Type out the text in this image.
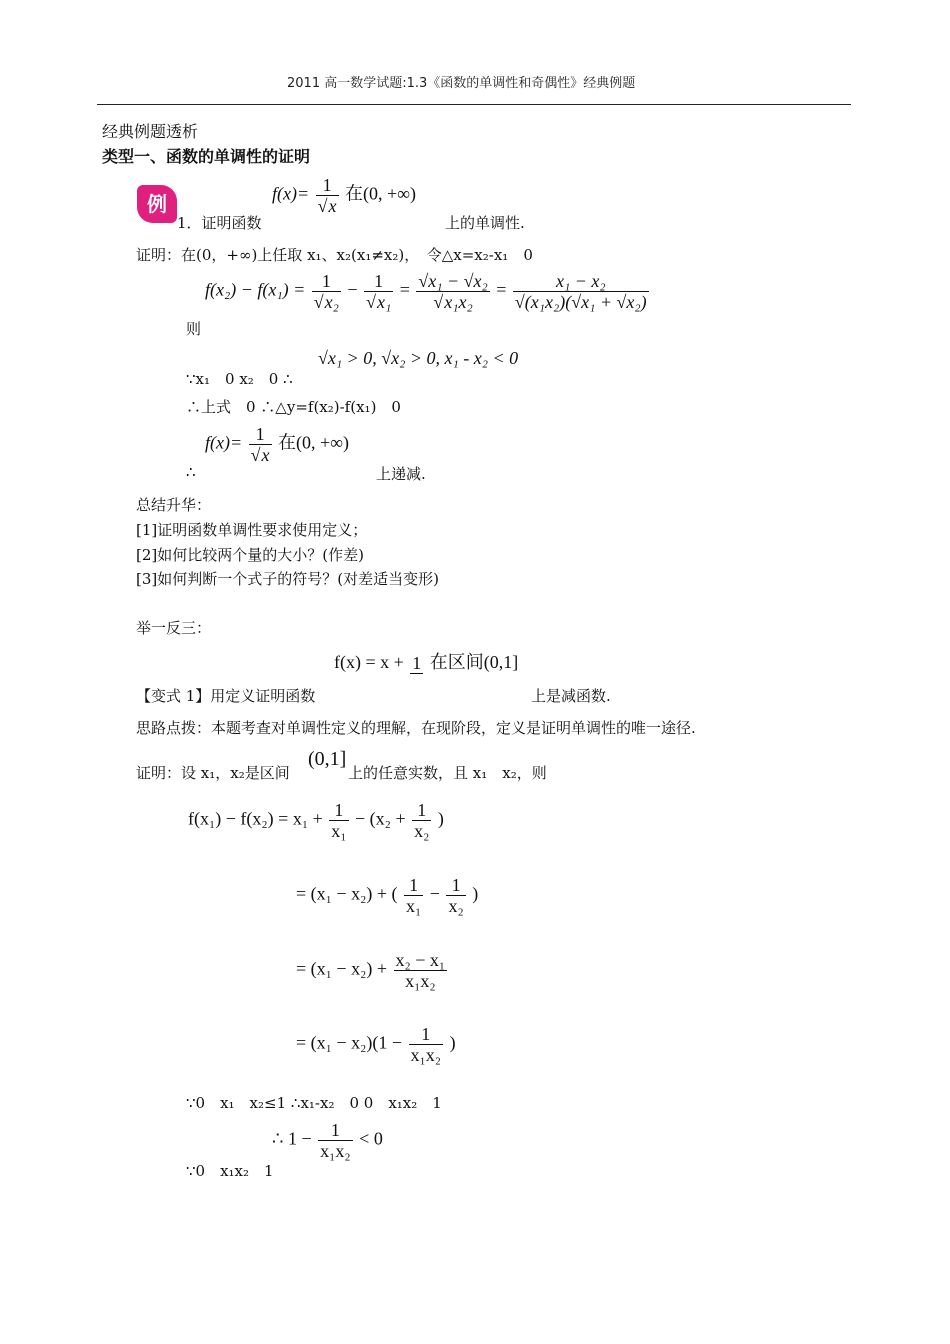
2011 高一数学试题:1.3《函数的单调性和奇偶性》经典例题
经典例题透析
类型一、函数的单调性的证明
例	$f(x)= \frac{1}{√x}$ 在(0, +∞)
1．证明函数	上的单调性.
证明：在(0，+∞)上任取 x₁、x₂(x₁≠x₂)，　令△x=x₂-x₁　0
$f(x_2) - f(x_1) = \frac{1}{\text{√x₂}} - \frac{1}{\text{√x₁}} = \frac{\text{√x₁ − √x₂}}{\text{√x₁x₂}} = \frac{\text{x₁ − x₂}}{\text{√(x₁x₂)(√x₁ + √x₂)}}$
则
∵x₁　0 x₂　0 ∴
√x₁ > 0, √x₂ > 0, x₁ - x₂ < 0
∴上式　0 ∴△y=f(x₂)-f(x₁)　0
$f(x)= \frac{1}{√x}$ 在(0, +∞)
∴	上递减.
总结升华：
[1]证明函数单调性要求使用定义；
[2]如何比较两个量的大小？(作差)
[3]如何判断一个式子的符号？(对差适当变形)
举一反三：
f(x) = x + 1 在区间(0,1]
【变式 1】用定义证明函数	上是减函数.
思路点拨：本题考查对单调性定义的理解，在现阶段，定义是证明单调性的唯一途径.
证明：设 x₁，x₂是区间
(0,1]
上的任意实数，且 x₁　x₂，则
$f(x_1) - f(x_2) = x_1 + \frac{1}{\text{x₁}} - (x_2 + \frac{1}{\text{x₂}}$ )
= (x₁ − x₂) + ( $\frac{1}{\text{x₁}} - \frac{1}{\text{x₂}}$ )
= $(x_1 - x_2) + \frac{\text{x₂ − x₁}}{\text{x₁x₂}}$
= $(x_1 - x_2)(1 - \frac{1}{\text{x₁x₂}}$ )
∵0　x₁　x₂≤1 ∴x₁-x₂　0 0　x₁x₂　1
∴ $1 - \frac{1}{\text{x₁x₂}} < 0$
∵0　x₁x₂　1
